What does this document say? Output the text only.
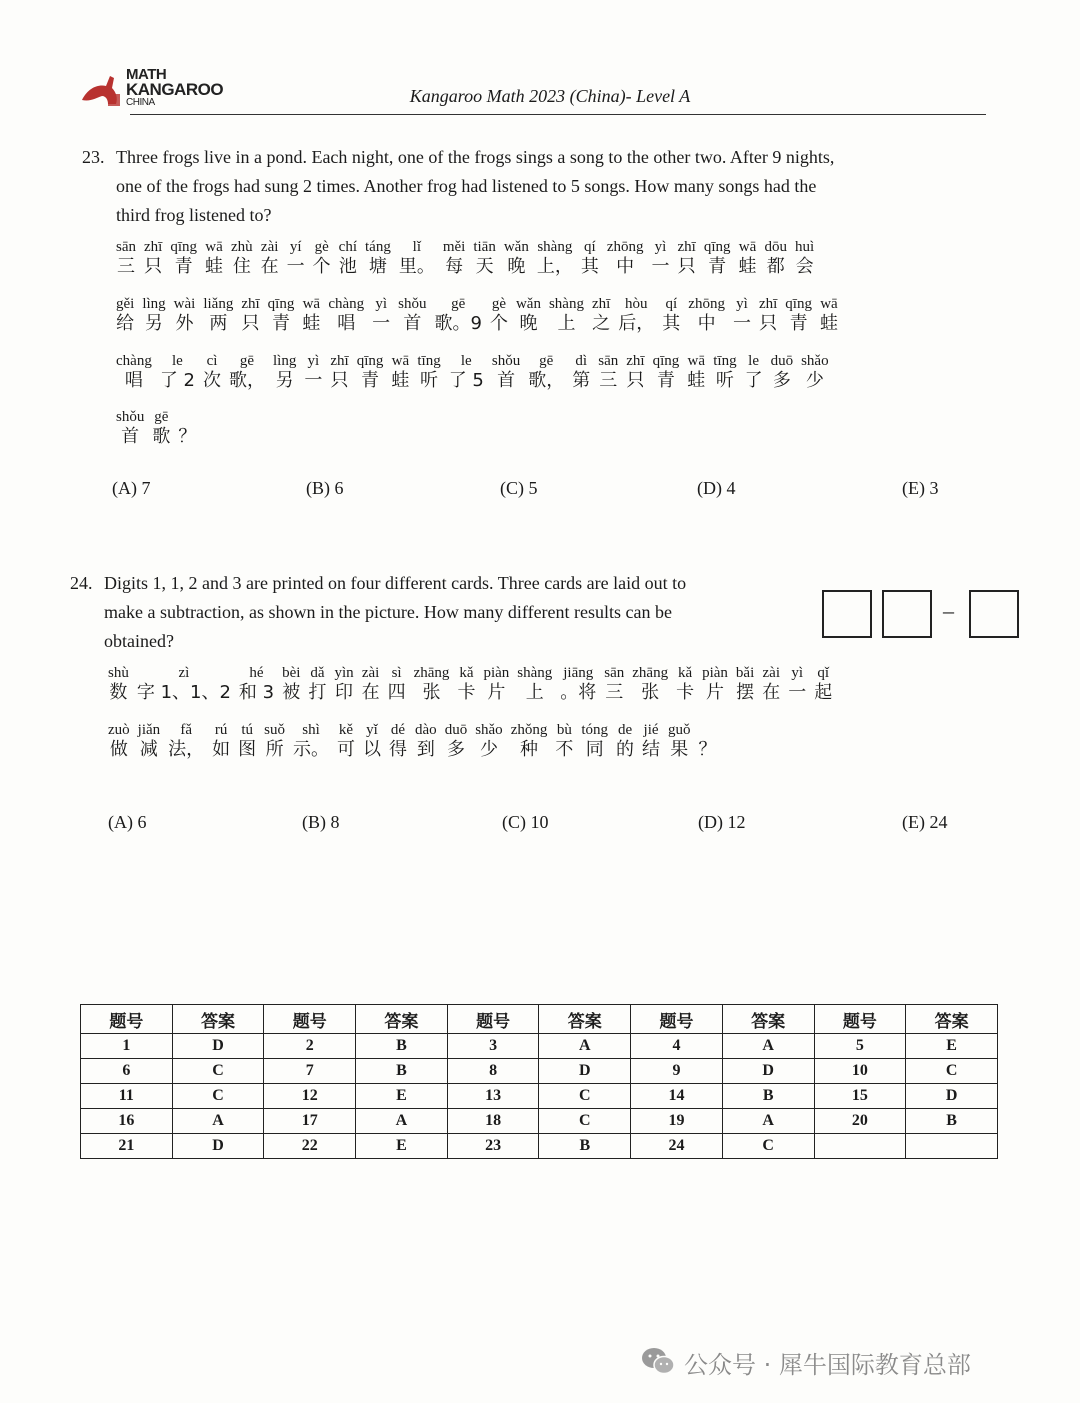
MATH
KANGAROO
CHINA	Kangaroo Math 2023 (China)- Level A
23. Three frogs live in a pond. Each night, one of the frogs sings a song to the other two. After 9 nights,
one of the frogs had sung 2 times. Another frog had listened to 5 songs. How many songs had the
third frog listened to?
sān
三
zhī
只
qīng
青
wā
蛙
zhù
住
zài
在
yí
一
gè
个
chí
池
táng
塘
lǐ
里。
měi
每
tiān
天
wǎn
晚
shàng
上，
qí
其
zhōng
中
yì
一
zhī
只
qīng
青
wā
蛙
dōu
都
huì
会
gěi
给
lìng
另
wài
外
liǎng
两
zhī
只
qīng
青
wā
蛙
chàng
唱
yì
一
shǒu
首
gē
歌。9
gè
个
wǎn
晚
shàng
上
zhī
之
hòu
后，
qí
其
zhōng
中
yì
一
zhī
只
qīng
青
wā
蛙
chàng
唱
le
了 2
cì
次
gē
歌，
lìng
另
yì
一
zhī
只
qīng
青
wā
蛙
tīng
听
le
了 5
shǒu
首
gē
歌，
dì
第
sān
三
zhī
只
qīng
青
wā
蛙
tīng
听
le
了
duō
多
shǎo
少
shǒu
首
gē
歌 ？
(A) 7	(B) 6	(C) 5	(D) 4	(E) 3
24. Digits 1, 1, 2 and 3 are printed on four different cards. Three cards are laid out to
make a subtraction, as shown in the picture. How many different results can be
obtained?
–
shù
数
zì
字 1、1、2
hé
和 3
bèi
被
dǎ
打
yìn
印
zài
在
sì
四
zhāng
张
kǎ
卡
piàn
片
shàng
上
jiāng
。将
sān
三
zhāng
张
kǎ
卡
piàn
片
bǎi
摆
zài
在
yì
一
qǐ
起
zuò
做
jiǎn
减
fǎ
法，
rú
如
tú
图
suǒ
所
shì
示。
kě
可
yǐ
以
dé
得
dào
到
duō
多
shǎo
少
zhǒng
种
bù
不
tóng
同
de
的
jié
结
guǒ
果 ？
(A) 6	(B) 8	(C) 10	(D) 12	(E) 24
题号	答案	题号	答案	题号	答案	题号	答案	题号	答案
1	D	2	B	3	A	4	A	5	E
6	C	7	B	8	D	9	D	10	C
11	C	12	E	13	C	14	B	15	D
16	A	17	A	18	C	19	A	20	B
21	D	22	E	23	B	24	C		
公众号 · 犀牛国际教育总部
